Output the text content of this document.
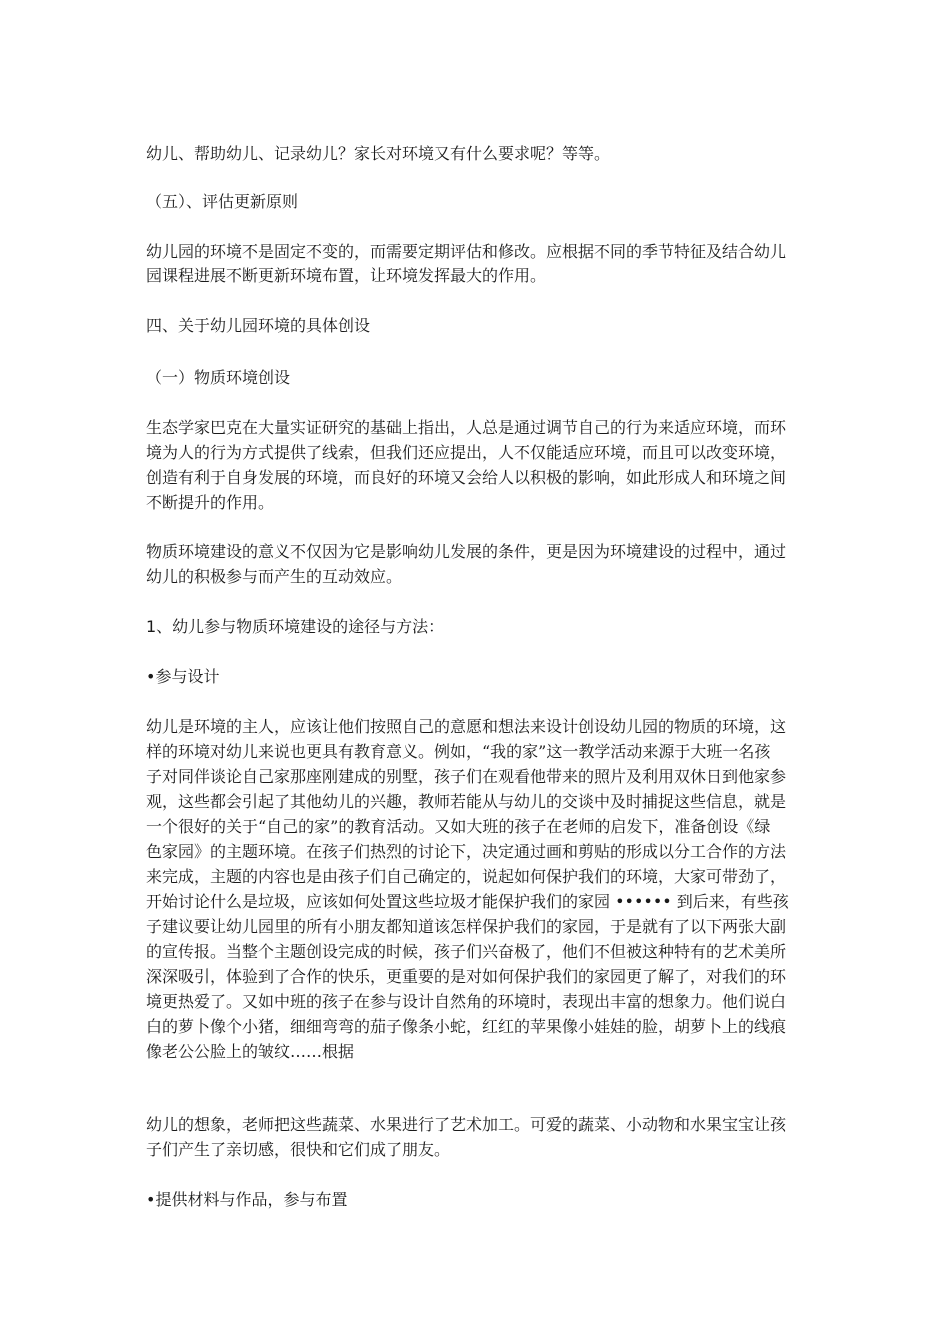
幼儿、帮助幼儿、记录幼儿？家长对环境又有什么要求呢？等等。
（五）、评估更新原则
幼儿园的环境不是固定不变的，而需要定期评估和修改。应根据不同的季节特征及结合幼儿
园课程进展不断更新环境布置，让环境发挥最大的作用。
四、关于幼儿园环境的具体创设
（一）物质环境创设
生态学家巴克在大量实证研究的基础上指出，人总是通过调节自己的行为来适应环境，而环
境为人的行为方式提供了线索，但我们还应提出，人不仅能适应环境，而且可以改变环境，
创造有利于自身发展的环境，而良好的环境又会给人以积极的影响，如此形成人和环境之间
不断提升的作用。
物质环境建设的意义不仅因为它是影响幼儿发展的条件，更是因为环境建设的过程中，通过
幼儿的积极参与而产生的互动效应。
1、幼儿参与物质环境建设的途径与方法：
•参与设计
幼儿是环境的主人，应该让他们按照自己的意愿和想法来设计创设幼儿园的物质的环境，这
样的环境对幼儿来说也更具有教育意义。例如，“我的家”这一教学活动来源于大班一名孩
子对同伴谈论自己家那座刚建成的别墅，孩子们在观看他带来的照片及利用双休日到他家参
观，这些都会引起了其他幼儿的兴趣，教师若能从与幼儿的交谈中及时捕捉这些信息，就是
一个很好的关于“自己的家”的教育活动。又如大班的孩子在老师的启发下，准备创设《绿
色家园》的主题环境。在孩子们热烈的讨论下，决定通过画和剪贴的形成以分工合作的方法
来完成，主题的内容也是由孩子们自己确定的，说起如何保护我们的环境，大家可带劲了，
开始讨论什么是垃圾，应该如何处置这些垃圾才能保护我们的家园 •••••• 到后来，有些孩
子建议要让幼儿园里的所有小朋友都知道该怎样保护我们的家园，于是就有了以下两张大副
的宣传报。当整个主题创设完成的时候，孩子们兴奋极了，他们不但被这种特有的艺术美所
深深吸引，体验到了合作的快乐，更重要的是对如何保护我们的家园更了解了，对我们的环
境更热爱了。又如中班的孩子在参与设计自然角的环境时，表现出丰富的想象力。他们说白
白的萝卜像个小猪，细细弯弯的茄子像条小蛇，红红的苹果像小娃娃的脸，胡萝卜上的线痕
像老公公脸上的皱纹……根据
幼儿的想象，老师把这些蔬菜、水果进行了艺术加工。可爱的蔬菜、小动物和水果宝宝让孩
子们产生了亲切感，很快和它们成了朋友。
•提供材料与作品，参与布置
